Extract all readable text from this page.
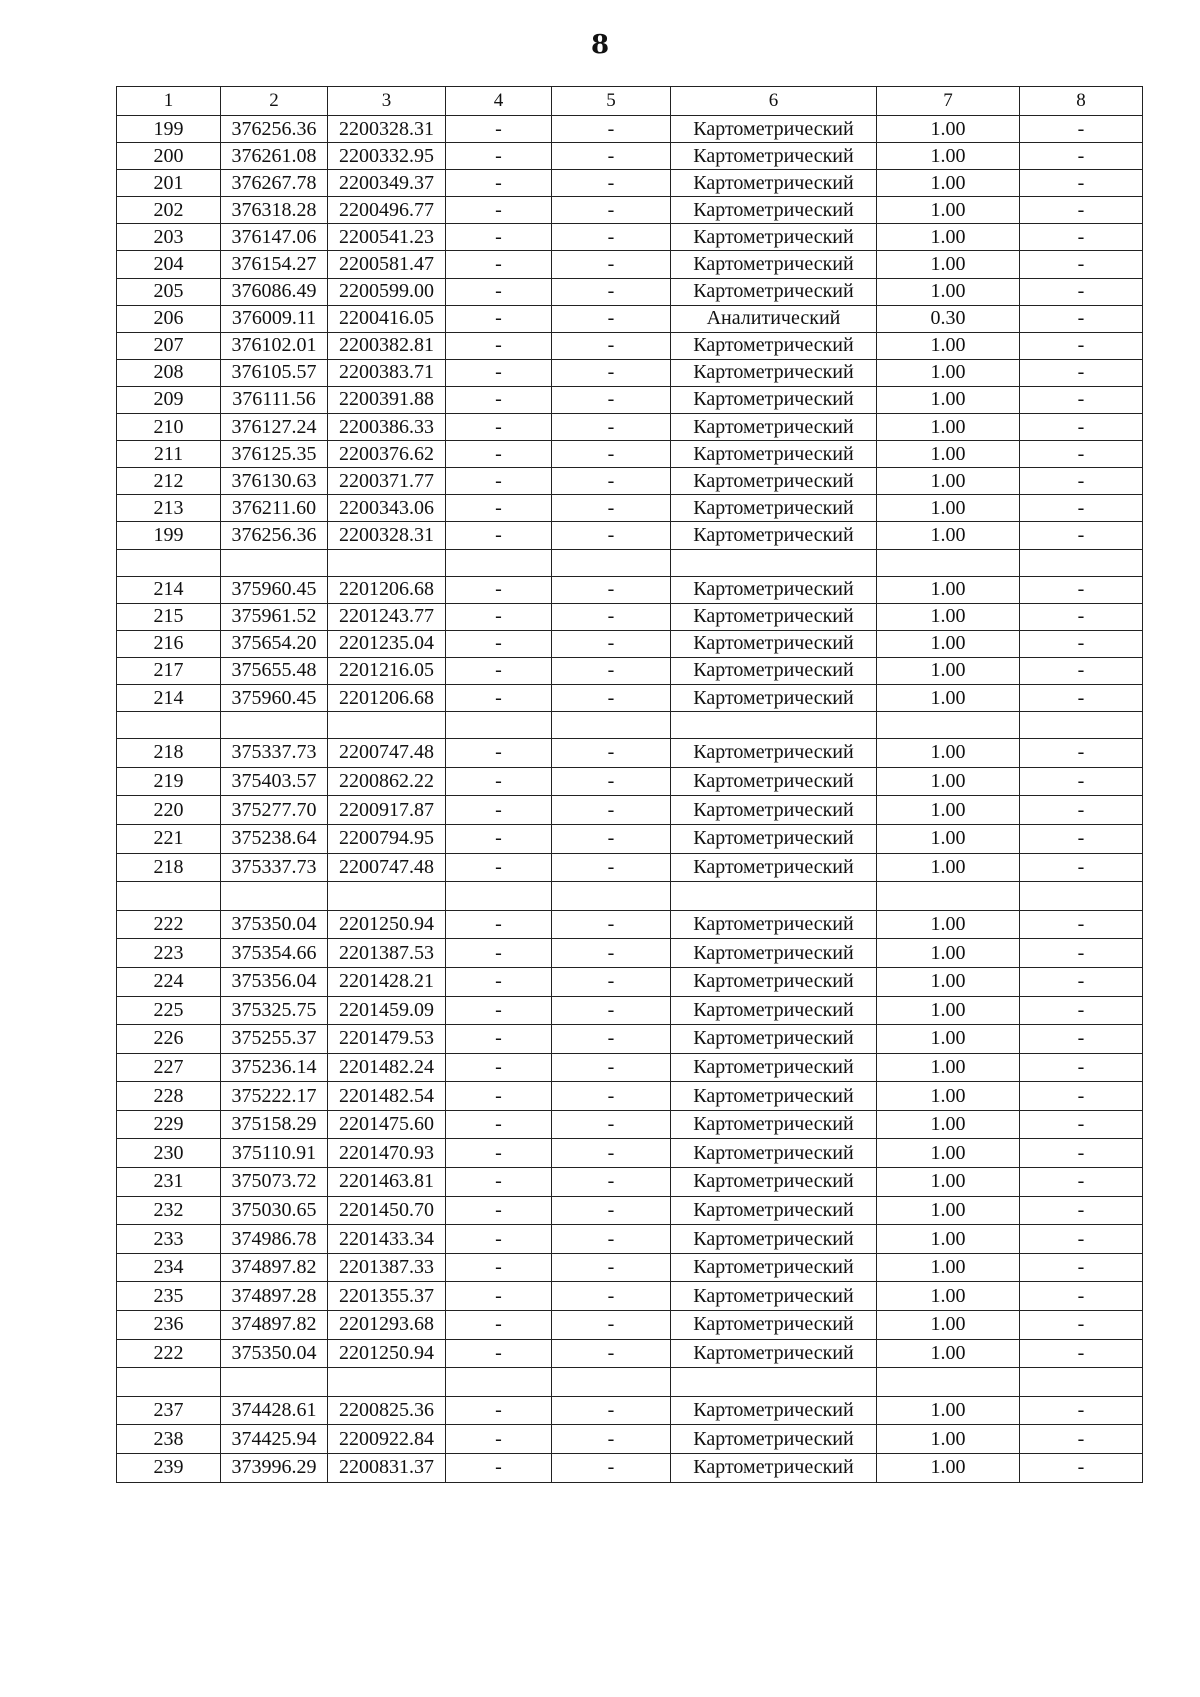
8
1	2	3	4	5	6	7	8
199	376256.36	2200328.31	-	-	Картометрический	1.00	-
200	376261.08	2200332.95	-	-	Картометрический	1.00	-
201	376267.78	2200349.37	-	-	Картометрический	1.00	-
202	376318.28	2200496.77	-	-	Картометрический	1.00	-
203	376147.06	2200541.23	-	-	Картометрический	1.00	-
204	376154.27	2200581.47	-	-	Картометрический	1.00	-
205	376086.49	2200599.00	-	-	Картометрический	1.00	-
206	376009.11	2200416.05	-	-	Аналитический	0.30	-
207	376102.01	2200382.81	-	-	Картометрический	1.00	-
208	376105.57	2200383.71	-	-	Картометрический	1.00	-
209	376111.56	2200391.88	-	-	Картометрический	1.00	-
210	376127.24	2200386.33	-	-	Картометрический	1.00	-
211	376125.35	2200376.62	-	-	Картометрический	1.00	-
212	376130.63	2200371.77	-	-	Картометрический	1.00	-
213	376211.60	2200343.06	-	-	Картометрический	1.00	-
199	376256.36	2200328.31	-	-	Картометрический	1.00	-

214	375960.45	2201206.68	-	-	Картометрический	1.00	-
215	375961.52	2201243.77	-	-	Картометрический	1.00	-
216	375654.20	2201235.04	-	-	Картометрический	1.00	-
217	375655.48	2201216.05	-	-	Картометрический	1.00	-
214	375960.45	2201206.68	-	-	Картометрический	1.00	-

218	375337.73	2200747.48	-	-	Картометрический	1.00	-
219	375403.57	2200862.22	-	-	Картометрический	1.00	-
220	375277.70	2200917.87	-	-	Картометрический	1.00	-
221	375238.64	2200794.95	-	-	Картометрический	1.00	-
218	375337.73	2200747.48	-	-	Картометрический	1.00	-

222	375350.04	2201250.94	-	-	Картометрический	1.00	-
223	375354.66	2201387.53	-	-	Картометрический	1.00	-
224	375356.04	2201428.21	-	-	Картометрический	1.00	-
225	375325.75	2201459.09	-	-	Картометрический	1.00	-
226	375255.37	2201479.53	-	-	Картометрический	1.00	-
227	375236.14	2201482.24	-	-	Картометрический	1.00	-
228	375222.17	2201482.54	-	-	Картометрический	1.00	-
229	375158.29	2201475.60	-	-	Картометрический	1.00	-
230	375110.91	2201470.93	-	-	Картометрический	1.00	-
231	375073.72	2201463.81	-	-	Картометрический	1.00	-
232	375030.65	2201450.70	-	-	Картометрический	1.00	-
233	374986.78	2201433.34	-	-	Картометрический	1.00	-
234	374897.82	2201387.33	-	-	Картометрический	1.00	-
235	374897.28	2201355.37	-	-	Картометрический	1.00	-
236	374897.82	2201293.68	-	-	Картометрический	1.00	-
222	375350.04	2201250.94	-	-	Картометрический	1.00	-

237	374428.61	2200825.36	-	-	Картометрический	1.00	-
238	374425.94	2200922.84	-	-	Картометрический	1.00	-
239	373996.29	2200831.37	-	-	Картометрический	1.00	-
